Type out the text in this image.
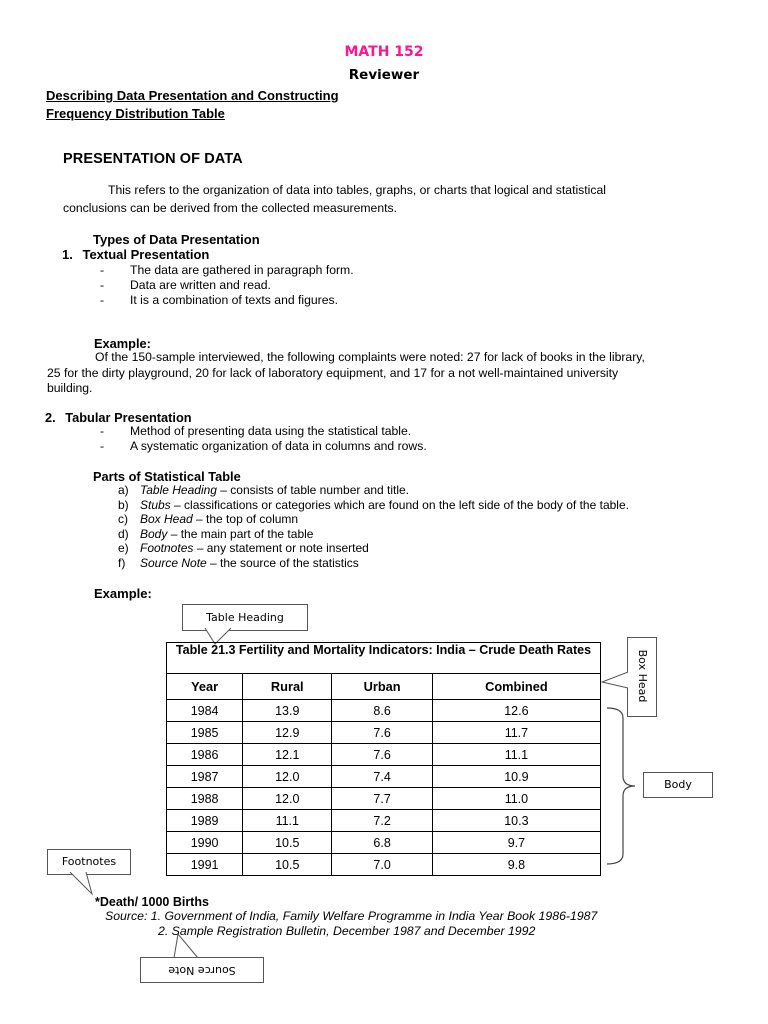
MATH 152
Reviewer
Describing Data Presentation and Constructing
Frequency Distribution Table
PRESENTATION OF DATA
This refers to the organization of data into tables, graphs, or charts that logical and statistical
conclusions can be derived from the collected measurements.
Types of Data Presentation
1. Textual Presentation
- The data are gathered in paragraph form.
- Data are written and read.
- It is a combination of texts and figures.
Example:
Of the 150-sample interviewed, the following complaints were noted: 27 for lack of books in the library,
25 for the dirty playground, 20 for lack of laboratory equipment, and 17 for a not well-maintained university
building.
2. Tabular Presentation
- Method of presenting data using the statistical table.
- A systematic organization of data in columns and rows.
Parts of Statistical Table
a) Table Heading – consists of table number and title.
b) Stubs – classifications or categories which are found on the left side of the body of the table.
c) Box Head – the top of column
d) Body – the main part of the table
e) Footnotes – any statement or note inserted
f) Source Note – the source of the statistics
Example:
Table Heading
Table 21.3 Fertility and Mortality Indicators: India – Crude Death Rates			
Year	Rural	Urban	Combined
1984	13.9	8.6	12.6
1985	12.9	7.6	11.7
1986	12.1	7.6	11.1
1987	12.0	7.4	10.9
1988	12.0	7.7	11.0
1989	11.1	7.2	10.3
1990	10.5	6.8	9.7
1991	10.5	7.0	9.8
Box Head
Body
Footnotes
*Death/ 1000 Births
Source: 1. Government of India, Family Welfare Programme in India Year Book 1986-1987
2. Sample Registration Bulletin, December 1987 and December 1992
Source Note
